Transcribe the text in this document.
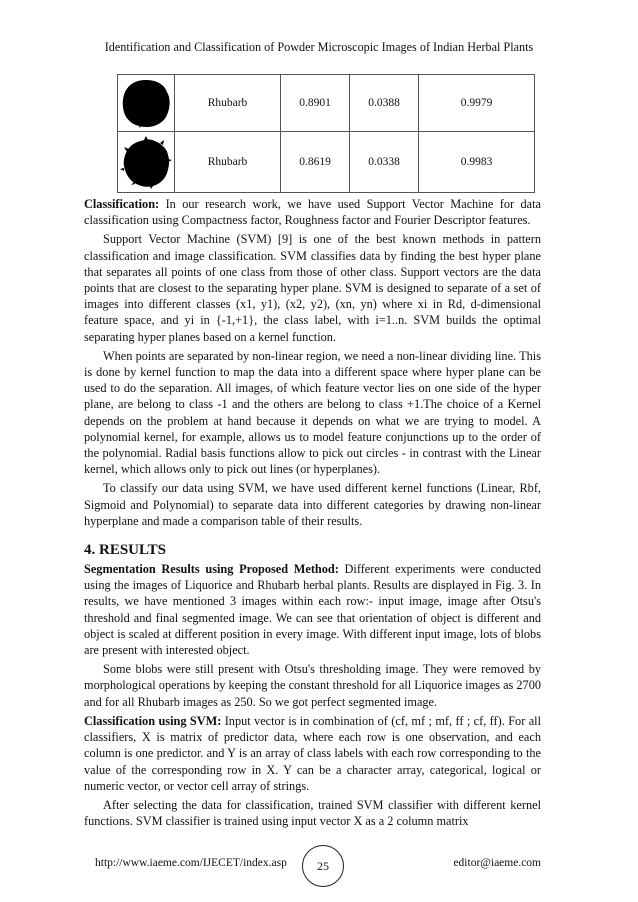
Identification and Classification of Powder Microscopic Images of Indian Herbal Plants
	Rhubarb	0.8901	0.0388	0.9979

	Rhubarb	0.8619	0.0338	0.9983

Classification: In our research work, we have used Support Vector Machine for data classification using Compactness factor, Roughness factor and Fourier Descriptor features.

Support Vector Machine (SVM) [9] is one of the best known methods in pattern classification and image classification. SVM classifies data by finding the best hyper plane that separates all points of one class from those of other class. Support vectors are the data points that are closest to the separating hyper plane. SVM is designed to separate of a set of images into different classes (x1, y1), (x2, y2), (xn, yn) where xi in Rd, d-dimensional feature space, and yi in {-1,+1}, the class label, with i=1..n. SVM builds the optimal separating hyper planes based on a kernel function.

When points are separated by non-linear region, we need a non-linear dividing line. This is done by kernel function to map the data into a different space where hyper plane can be used to do the separation. All images, of which feature vector lies on one side of the hyper plane, are belong to class -1 and the others are belong to class +1.The choice of a Kernel depends on the problem at hand because it depends on what we are trying to model. A polynomial kernel, for example, allows us to model feature conjunctions up to the order of the polynomial. Radial basis functions allow to pick out circles - in contrast with the Linear kernel, which allows only to pick out lines (or hyperplanes).

To classify our data using SVM, we have used different kernel functions (Linear, Rbf, Sigmoid and Polynomial) to separate data into different categories by drawing non-linear hyperplane and made a comparison table of their results.

4. RESULTS

Segmentation Results using Proposed Method: Different experiments were conducted using the images of Liquorice and Rhubarb herbal plants. Results are displayed in Fig. 3. In results, we have mentioned 3 images within each row:- input image, image after Otsu's threshold and final segmented image. We can see that orientation of object is different and object is scaled at different position in every image. With different input image, lots of blobs are present with interested object.

Some blobs were still present with Otsu's thresholding image. They were removed by morphological operations by keeping the constant threshold for all Liquorice images as 2700 and for all Rhubarb images as 250. So we got perfect segmented image.

Classification using SVM: Input vector is in combination of (cf, mf ; mf, ff ; cf, ff). For all classifiers, X is matrix of predictor data, where each row is one observation, and each column is one predictor. and Y is an array of class labels with each row corresponding to the value of the corresponding row in X. Y can be a character array, categorical, logical or numeric vector, or vector cell array of strings.

After selecting the data for classification, trained SVM classifier with different kernel functions. SVM classifier is trained using input vector X as a 2 column matrix

http://www.iaeme.com/IJECET/index.asp	25	editor@iaeme.com
